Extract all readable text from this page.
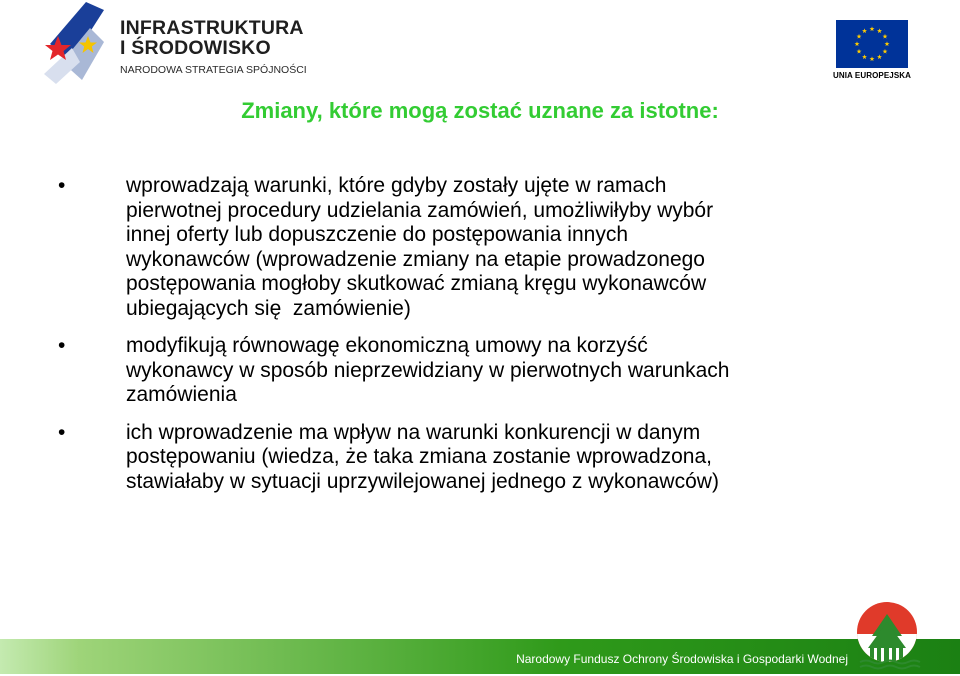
INFRASTRUKTURA
I ŚRODOWISKO
NARODOWA STRATEGIA SPÓJNOŚCI	UNIA EUROPEJSKA
Zmiany, które mogą zostać uznane za istotne:
•	wprowadzają warunki, które gdyby zostały ujęte w ramach
pierwotnej procedury udzielania zamówień, umożliwiłyby wybór
innej oferty lub dopuszczenie do postępowania innych
wykonawców (wprowadzenie zmiany na etapie prowadzonego
postępowania mogłoby skutkować zmianą kręgu wykonawców
ubiegających się  zamówienie)
•	modyfikują równowagę ekonomiczną umowy na korzyść
wykonawcy w sposób nieprzewidziany w pierwotnych warunkach
zamówienia
•	ich wprowadzenie ma wpływ na warunki konkurencji w danym
postępowaniu (wiedza, że taka zmiana zostanie wprowadzona,
stawiałaby w sytuacji uprzywilejowanej jednego z wykonawców)
Narodowy Fundusz Ochrony Środowiska i Gospodarki Wodnej
